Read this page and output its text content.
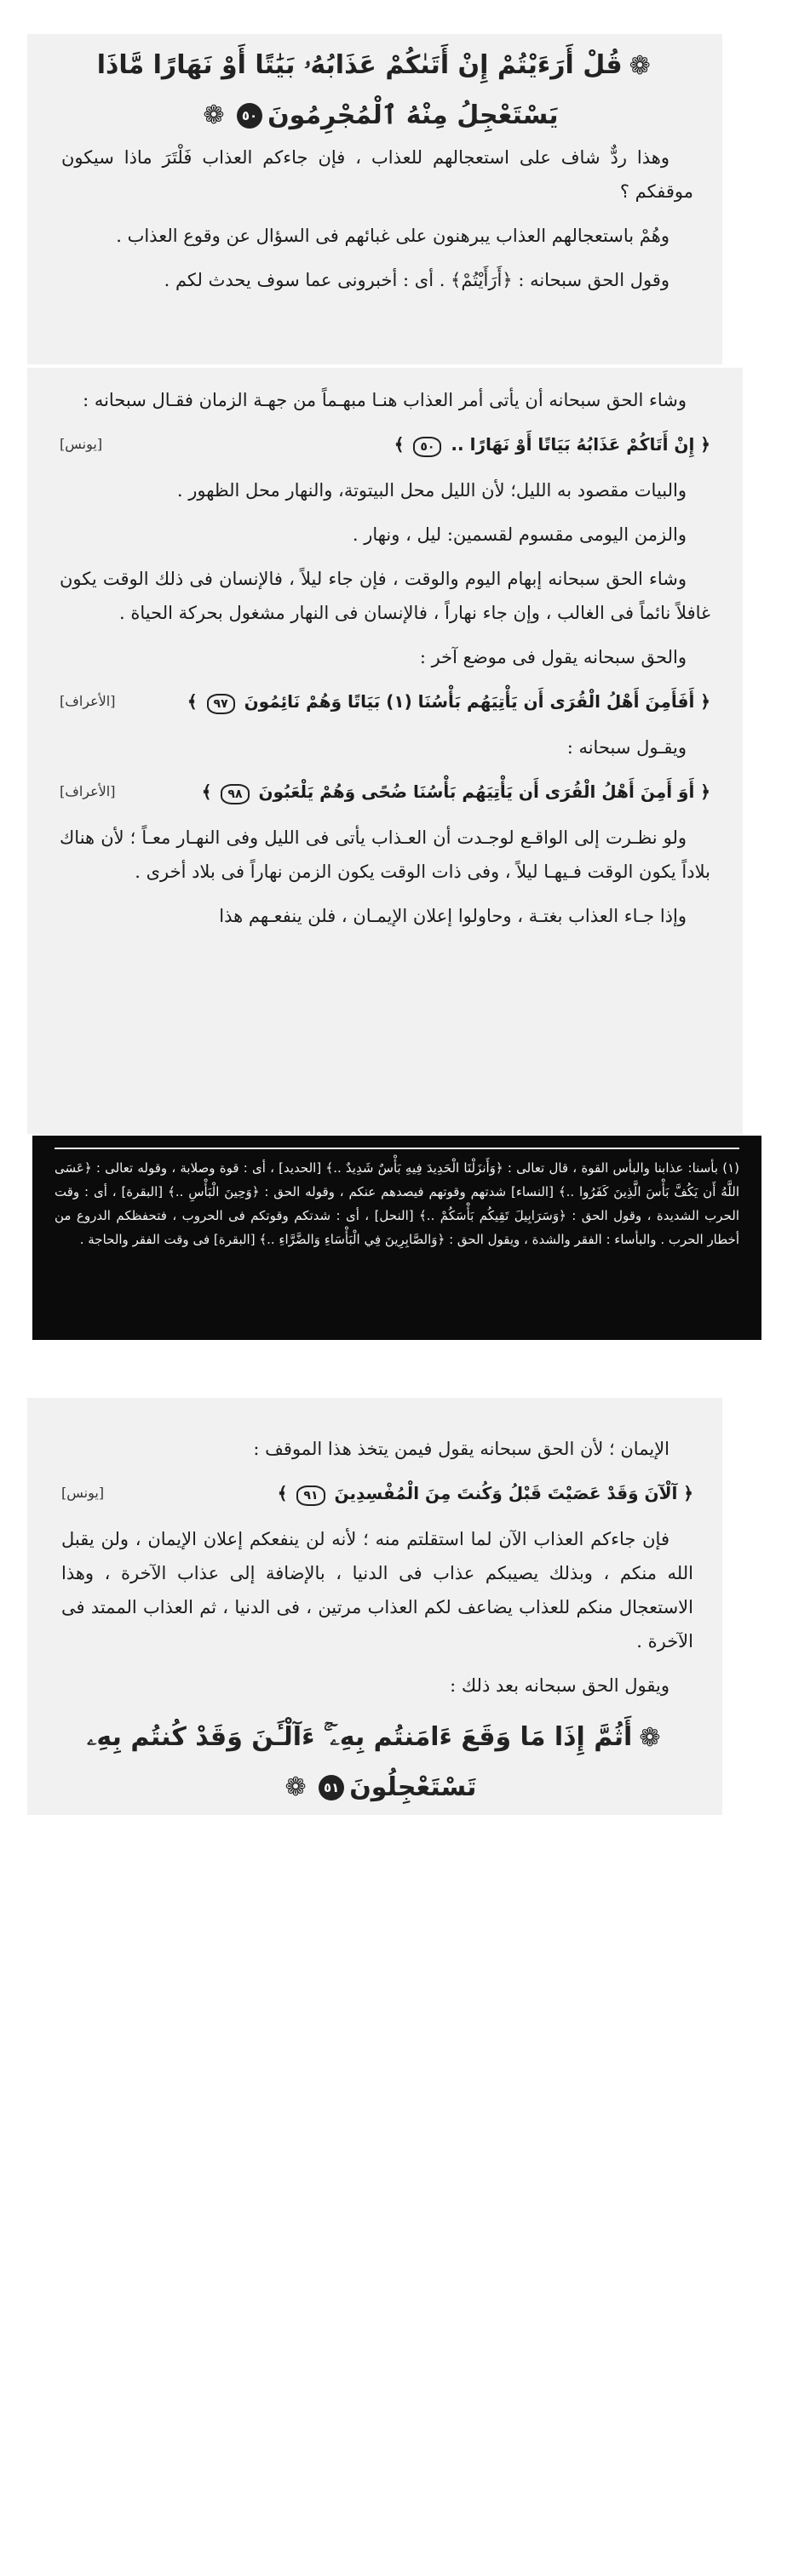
❁قُلْ أَرَءَيْتُمْ إِنْ أَتَىٰكُمْ عَذَابُهُۥ بَيَٰتًا أَوْ نَهَارًا مَّاذَا
يَسْتَعْجِلُ مِنْهُ ٱلْمُجْرِمُونَ٥٠❁

وهذا ردٌّ شاف على استعجالهم للعذاب ، فإن جاءكم العذاب فَلْتَرَ ماذا سيكون موقفكم ؟

وهُمْ باستعجالهم العذاب يبرهنون على غبائهم فى السؤال عن وقوع العذاب .

وقول الحق سبحانه : ﴿أَرَأَيْتُمْ﴾ . أى : أخبرونى عما سوف يحدث لكم .

وشاء الحق سبحانه أن يأتى أمر العذاب هنـا مبهـماً من جهـة الزمان فقـال سبحانه :

﴿ إِنْ أَتَاكُمْ عَذَابُهُ بَيَاتًا أَوْ نَهَارًا .. ٥٠ ﴾
[يونس]

والبيات مقصود به الليل؛ لأن الليل محل البيتوتة، والنهار محل الظهور .

والزمن اليومى مقسوم لقسمين: ليل ، ونهار .

وشاء الحق سبحانه إبهام اليوم والوقت ، فإن جاء ليلاً ، فالإنسان فى ذلك الوقت يكون غافلاً نائماً فى الغالب ، وإن جاء نهاراً ، فالإنسان فى النهار مشغول بحركة الحياة .

والحق سبحانه يقول فى موضع آخر :

﴿ أَفَأَمِنَ أَهْلُ الْقُرَى أَن يَأْتِيَهُم بَأْسُنَا (١) بَيَاتًا وَهُمْ نَائِمُونَ ٩٧ ﴾
[الأعراف]

ويقـول سبحانه :

﴿ أَوَ أَمِنَ أَهْلُ الْقُرَى أَن يَأْتِيَهُم بَأْسُنَا ضُحًى وَهُمْ يَلْعَبُونَ ٩٨ ﴾
[الأعراف]

ولو نظـرت إلى الواقـع لوجـدت أن العـذاب يأتى فى الليل وفى النهـار معـاً ؛ لأن هناك بلاداً يكون الوقت فـيهـا ليلاً ، وفى ذات الوقت يكون الزمن نهاراً فى بلاد أخرى .

وإذا جـاء العذاب بغتـة ، وحاولوا إعلان الإيمـان ، فلن ينفعـهم هذا

(١) بأسنا: عذابنا والبأس القوة ، قال تعالى : ﴿وَأَنزَلْنَا الْحَدِيدَ فِيهِ بَأْسٌ شَدِيدٌ ..﴾ [الحديد] ، أى : قوة وصلابة ، وقوله تعالى : ﴿عَسَى اللَّهُ أَن يَكُفَّ بَأْسَ الَّذِينَ كَفَرُوا ..﴾ [النساء] شدتهم وقوتهم فيصدهم عنكم ، وقوله الحق : ﴿وَحِينَ الْبَأْسِ ..﴾ [البقرة] ، أى : وقت الحرب الشديدة ، وقول الحق : ﴿وَسَرَابِيلَ تَقِيكُم بَأْسَكُمْ ..﴾ [النحل] ، أى : شدتكم وقوتكم فى الحروب ، فتحفظكم الدروع من أخطار الحرب . والبأساء : الفقر والشدة ، ويقول الحق : ﴿وَالصَّابِرِينَ فِي الْبَأْسَاءِ وَالضَّرَّاءِ ..﴾ [البقرة] فى وقت الفقر والحاجة .

الإيمان ؛ لأن الحق سبحانه يقول فيمن يتخذ هذا الموقف :

﴿ آلْآنَ وَقَدْ عَصَيْتَ قَبْلُ وَكُنتَ مِنَ الْمُفْسِدِينَ ٩١ ﴾
[يونس]

فإن جاءكم العذاب الآن لما استقلتم منه ؛ لأنه لن ينفعكم إعلان الإيمان ، ولن يقبل الله منكم ، وبذلك يصيبكم عذاب فى الدنيا ، بالإضافة إلى عذاب الآخرة ، وهذا الاستعجال منكم للعذاب يضاعف لكم العذاب مرتين ، فى الدنيا ، ثم العذاب الممتد فى الآخرة .

ويقول الحق سبحانه بعد ذلك :

❁أَثُمَّ إِذَا مَا وَقَعَ ءَامَنتُم بِهِۦٓ ۚ ءَآلْـَٔنَ وَقَدْ كُنتُم بِهِۦ
تَسْتَعْجِلُونَ٥١❁
